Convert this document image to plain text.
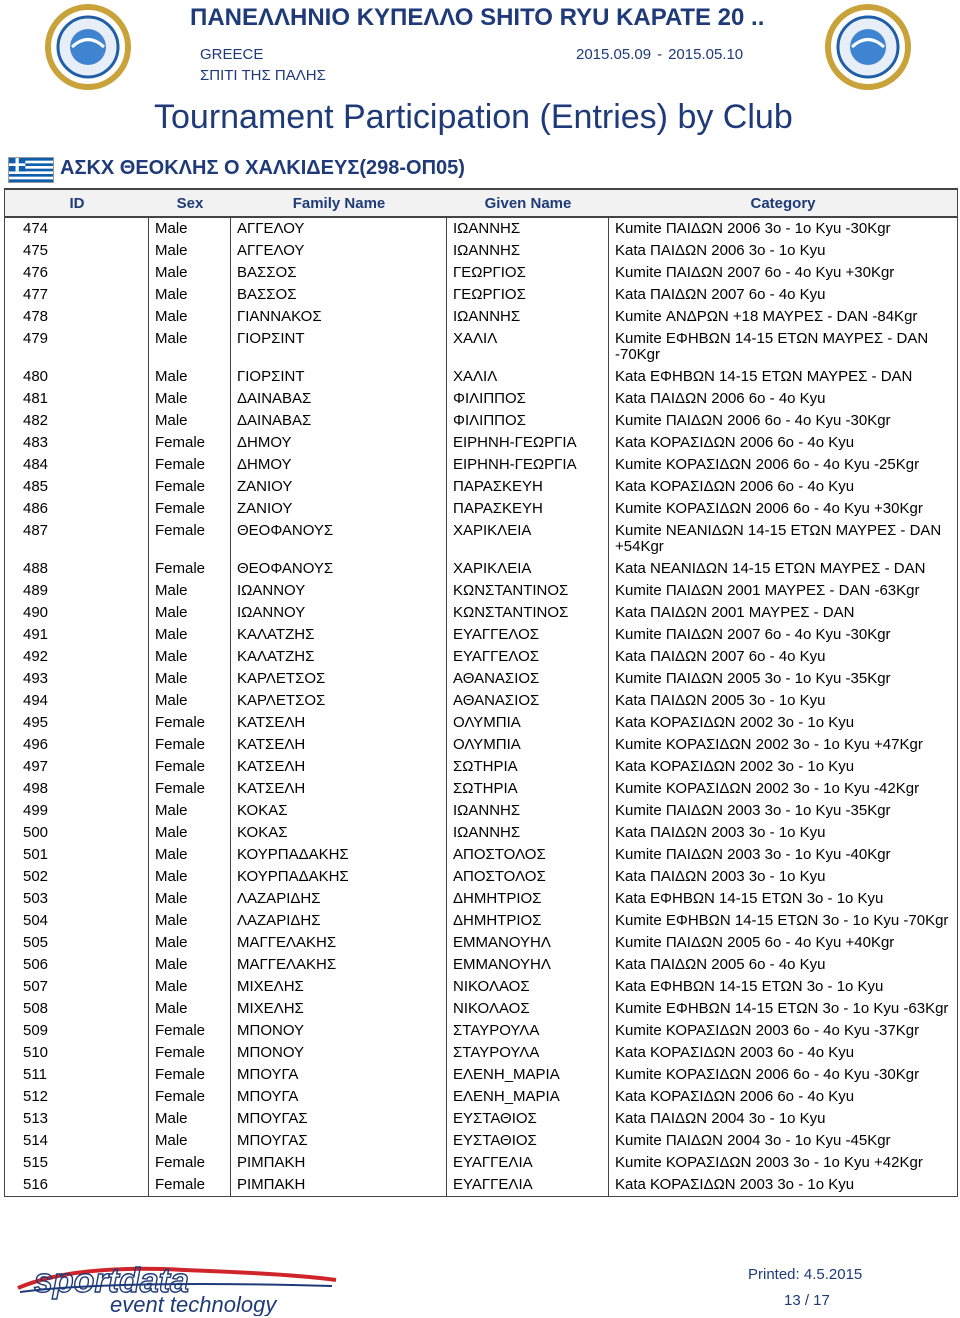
ΠΑΝΕΛΛΗΝΙΟ ΚΥΠΕΛΛΟ SHITO RYU ΚΑΡΑΤΕ 20 ..
GREECE
ΣΠΙΤΙ ΤΗΣ ΠΑΛΗΣ
2015.05.09 - 2015.05.10
Tournament Participation (Entries) by Club
ΑΣΚΧ ΘΕΟΚΛΗΣ Ο ΧΑΛΚΙΔΕΥΣ(298-ΟΠ05)
ID	Sex	Family Name	Given Name	Category
474	Male	ΑΓΓΕΛΟΥ	ΙΩΑΝΝΗΣ	Kumite ΠΑΙΔΩΝ 2006 3ο - 1ο Kyu -30Kgr
475	Male	ΑΓΓΕΛΟΥ	ΙΩΑΝΝΗΣ	Kata ΠΑΙΔΩΝ 2006 3ο - 1ο Kyu
476	Male	ΒΑΣΣΟΣ	ΓΕΩΡΓΙΟΣ	Kumite ΠΑΙΔΩΝ 2007 6ο - 4ο Kyu +30Kgr
477	Male	ΒΑΣΣΟΣ	ΓΕΩΡΓΙΟΣ	Kata ΠΑΙΔΩΝ 2007 6ο - 4ο Kyu
478	Male	ΓΙΑΝΝΑΚΟΣ	ΙΩΑΝΝΗΣ	Kumite ΑΝΔΡΩΝ +18 ΜΑΥΡΕΣ - DAN -84Kgr
479	Male	ΓΙΟΡΣΙΝΤ	ΧΑΛΙΛ	Kumite ΕΦΗΒΩΝ 14-15 ΕΤΩΝ ΜΑΥΡΕΣ - DAN -70Kgr
480	Male	ΓΙΟΡΣΙΝΤ	ΧΑΛΙΛ	Kata ΕΦΗΒΩΝ 14-15 ΕΤΩΝ ΜΑΥΡΕΣ - DAN
481	Male	ΔΑΙΝΑΒΑΣ	ΦΙΛΙΠΠΟΣ	Kata ΠΑΙΔΩΝ 2006 6ο - 4ο Kyu
482	Male	ΔΑΙΝΑΒΑΣ	ΦΙΛΙΠΠΟΣ	Kumite ΠΑΙΔΩΝ 2006 6ο - 4ο Kyu -30Kgr
483	Female	ΔΗΜΟΥ	ΕΙΡΗΝΗ-ΓΕΩΡΓΙΑ	Kata ΚΟΡΑΣΙΔΩΝ 2006 6ο - 4ο Kyu
484	Female	ΔΗΜΟΥ	ΕΙΡΗΝΗ-ΓΕΩΡΓΙΑ	Kumite ΚΟΡΑΣΙΔΩΝ 2006 6ο - 4ο Kyu -25Kgr
485	Female	ΖΑΝΙΟΥ	ΠΑΡΑΣΚΕΥΗ	Kata ΚΟΡΑΣΙΔΩΝ 2006 6ο - 4ο Kyu
486	Female	ΖΑΝΙΟΥ	ΠΑΡΑΣΚΕΥΗ	Kumite ΚΟΡΑΣΙΔΩΝ 2006 6ο - 4ο Kyu +30Kgr
487	Female	ΘΕΟΦΑΝΟΥΣ	ΧΑΡΙΚΛΕΙΑ	Kumite ΝΕΑΝΙΔΩΝ 14-15 ΕΤΩΝ ΜΑΥΡΕΣ - DAN +54Kgr
488	Female	ΘΕΟΦΑΝΟΥΣ	ΧΑΡΙΚΛΕΙΑ	Kata ΝΕΑΝΙΔΩΝ 14-15 ΕΤΩΝ ΜΑΥΡΕΣ - DAN
489	Male	ΙΩΑΝΝΟΥ	ΚΩΝΣΤΑΝΤΙΝΟΣ	Kumite ΠΑΙΔΩΝ 2001 ΜΑΥΡΕΣ - DAN -63Kgr
490	Male	ΙΩΑΝΝΟΥ	ΚΩΝΣΤΑΝΤΙΝΟΣ	Kata ΠΑΙΔΩΝ 2001 ΜΑΥΡΕΣ - DAN
491	Male	ΚΑΛΑΤΖΗΣ	ΕΥΑΓΓΕΛΟΣ	Kumite ΠΑΙΔΩΝ 2007 6ο - 4ο Kyu -30Kgr
492	Male	ΚΑΛΑΤΖΗΣ	ΕΥΑΓΓΕΛΟΣ	Kata ΠΑΙΔΩΝ 2007 6ο - 4ο Kyu
493	Male	ΚΑΡΛΕΤΣΟΣ	ΑΘΑΝΑΣΙΟΣ	Kumite ΠΑΙΔΩΝ 2005 3ο - 1ο Kyu -35Kgr
494	Male	ΚΑΡΛΕΤΣΟΣ	ΑΘΑΝΑΣΙΟΣ	Kata ΠΑΙΔΩΝ 2005 3ο - 1ο Kyu
495	Female	ΚΑΤΣΕΛΗ	ΟΛΥΜΠΙΑ	Kata ΚΟΡΑΣΙΔΩΝ 2002 3ο - 1ο Kyu
496	Female	ΚΑΤΣΕΛΗ	ΟΛΥΜΠΙΑ	Kumite ΚΟΡΑΣΙΔΩΝ 2002 3ο - 1ο Kyu +47Kgr
497	Female	ΚΑΤΣΕΛΗ	ΣΩΤΗΡΙΑ	Kata ΚΟΡΑΣΙΔΩΝ 2002 3ο - 1ο Kyu
498	Female	ΚΑΤΣΕΛΗ	ΣΩΤΗΡΙΑ	Kumite ΚΟΡΑΣΙΔΩΝ 2002 3ο - 1ο Kyu -42Kgr
499	Male	ΚΟΚΑΣ	ΙΩΑΝΝΗΣ	Kumite ΠΑΙΔΩΝ 2003 3ο - 1ο Kyu -35Kgr
500	Male	ΚΟΚΑΣ	ΙΩΑΝΝΗΣ	Kata ΠΑΙΔΩΝ 2003 3ο - 1ο Kyu
501	Male	ΚΟΥΡΠΑΔΑΚΗΣ	ΑΠΟΣΤΟΛΟΣ	Kumite ΠΑΙΔΩΝ 2003 3ο - 1ο Kyu -40Kgr
502	Male	ΚΟΥΡΠΑΔΑΚΗΣ	ΑΠΟΣΤΟΛΟΣ	Kata ΠΑΙΔΩΝ 2003 3ο - 1ο Kyu
503	Male	ΛΑΖΑΡΙΔΗΣ	ΔΗΜΗΤΡΙΟΣ	Kata ΕΦΗΒΩΝ 14-15 ΕΤΩΝ 3ο - 1ο Kyu
504	Male	ΛΑΖΑΡΙΔΗΣ	ΔΗΜΗΤΡΙΟΣ	Kumite ΕΦΗΒΩΝ 14-15 ΕΤΩΝ 3ο - 1ο Kyu -70Kgr
505	Male	ΜΑΓΓΕΛΑΚΗΣ	ΕΜΜΑΝΟΥΗΛ	Kumite ΠΑΙΔΩΝ 2005 6ο - 4ο Kyu +40Kgr
506	Male	ΜΑΓΓΕΛΑΚΗΣ	ΕΜΜΑΝΟΥΗΛ	Kata ΠΑΙΔΩΝ 2005 6ο - 4ο Kyu
507	Male	ΜΙΧΕΛΗΣ	ΝΙΚΟΛΑΟΣ	Kata ΕΦΗΒΩΝ 14-15 ΕΤΩΝ 3ο - 1ο Kyu
508	Male	ΜΙΧΕΛΗΣ	ΝΙΚΟΛΑΟΣ	Kumite ΕΦΗΒΩΝ 14-15 ΕΤΩΝ 3ο - 1ο Kyu -63Kgr
509	Female	ΜΠΟΝΟΥ	ΣΤΑΥΡΟΥΛΑ	Kumite ΚΟΡΑΣΙΔΩΝ 2003 6ο - 4ο Kyu -37Kgr
510	Female	ΜΠΟΝΟΥ	ΣΤΑΥΡΟΥΛΑ	Kata ΚΟΡΑΣΙΔΩΝ 2003 6ο - 4ο Kyu
511	Female	ΜΠΟΥΓΑ	ΕΛΕΝΗ_ΜΑΡΙΑ	Kumite ΚΟΡΑΣΙΔΩΝ 2006 6ο - 4ο Kyu -30Kgr
512	Female	ΜΠΟΥΓΑ	ΕΛΕΝΗ_ΜΑΡΙΑ	Kata ΚΟΡΑΣΙΔΩΝ 2006 6ο - 4ο Kyu
513	Male	ΜΠΟΥΓΑΣ	ΕΥΣΤΑΘΙΟΣ	Kata ΠΑΙΔΩΝ 2004 3ο - 1ο Kyu
514	Male	ΜΠΟΥΓΑΣ	ΕΥΣΤΑΘΙΟΣ	Kumite ΠΑΙΔΩΝ 2004 3ο - 1ο Kyu -45Kgr
515	Female	ΡΙΜΠΑΚΗ	ΕΥΑΓΓΕΛΙΑ	Kumite ΚΟΡΑΣΙΔΩΝ 2003 3ο - 1ο Kyu +42Kgr
516	Female	ΡΙΜΠΑΚΗ	ΕΥΑΓΓΕΛΙΑ	Kata ΚΟΡΑΣΙΔΩΝ 2003 3ο - 1ο Kyu
sportdata
event technology
Printed: 4.5.2015
13 / 17
